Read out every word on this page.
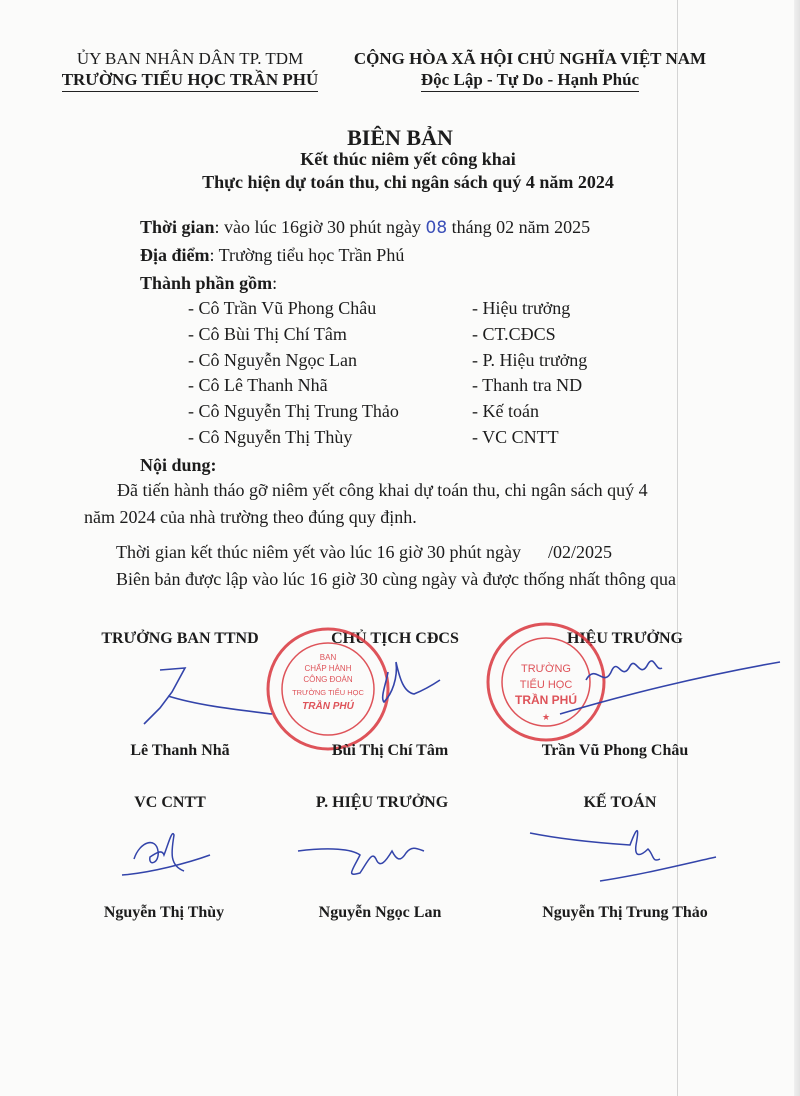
ỦY BAN NHÂN DÂN TP. TDM
TRƯỜNG TIỂU HỌC TRẦN PHÚ
CỘNG HÒA XÃ HỘI CHỦ NGHĨA VIỆT NAM
Độc Lập - Tự Do - Hạnh Phúc
BIÊN BẢN
Kết thúc niêm yết công khai
Thực hiện dự toán thu, chi ngân sách quý 4 năm 2024
Thời gian: vào lúc 16giờ 30 phút ngày 08 tháng 02 năm 2025
Địa điểm: Trường tiểu học Trần Phú
Thành phần gồm:
- Cô Trần Vũ Phong Châu	- Hiệu trưởng
- Cô Bùi Thị Chí Tâm	- CT.CĐCS
- Cô Nguyễn Ngọc Lan	- P. Hiệu trưởng
- Cô Lê Thanh Nhã	- Thanh tra ND
- Cô Nguyễn Thị Trung Thảo	- Kế toán
- Cô Nguyễn Thị Thùy	- VC CNTT
Nội dung:
Đã tiến hành tháo gỡ niêm yết công khai dự toán thu, chi ngân sách quý 4
năm 2024 của nhà trường theo đúng quy định.
Thời gian kết thúc niêm yết vào lúc 16 giờ 30 phút ngày      /02/2025
Biên bản được lập vào lúc 16 giờ 30 cùng ngày và được thống nhất thông qua
TRƯỞNG BAN TTND	CHỦ TỊCH CĐCS	HIỆU TRƯỞNG
BAN
CHẤP HÀNH
CÔNG ĐOÀN
TRƯỜNG TIỂU HỌC
TRẦN PHÚ
TRƯỜNG
TIỂU HỌC
TRẦN PHÚ
★
Lê Thanh Nhã	Bùi Thị Chí Tâm	Trần Vũ Phong Châu
VC CNTT	P. HIỆU TRƯỞNG	KẾ TOÁN
Nguyễn Thị Thùy	Nguyễn Ngọc Lan	Nguyễn Thị Trung Thảo
